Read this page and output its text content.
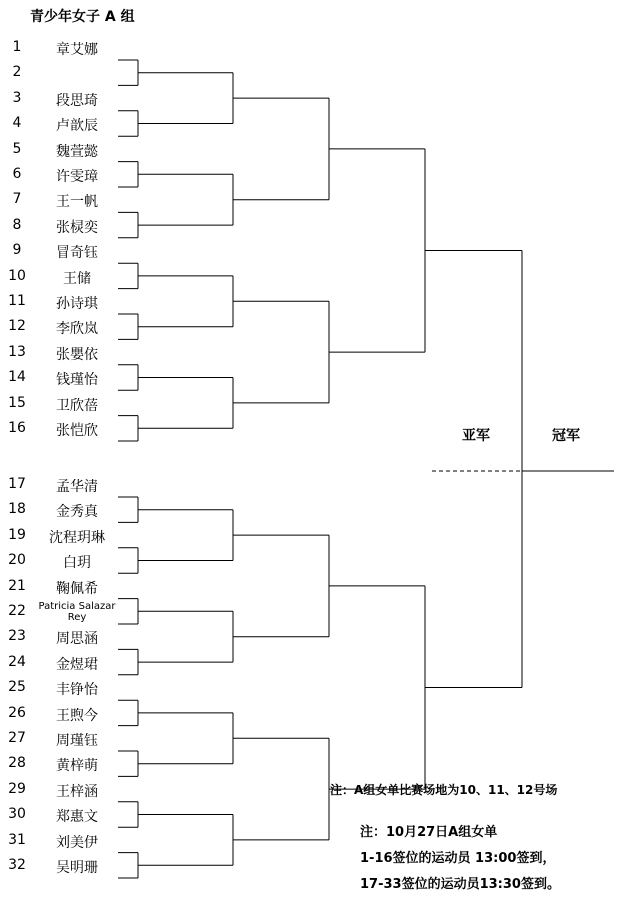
青少年女子 A 组
1	章艾娜
2
3	段思琦
4	卢歆辰
5	魏萱懿
6	许雯璋
7	王一帆
8	张棂奕
9	冒奇钰
10	王储
11	孙诗琪
12	李欣岚
13	张嬰依
14	钱瑾怡
15	卫欣蓓
16	张恺欣
17	孟华清
18	金秀真
19	沈程玥琳
20	白玥
21	鞠佩希
22 Patricia Salazar Rey
23	周思涵
24	金煜珺
25	丰铮怡
26	王煦今
27	周瑾钰
28	黄梓萌
29	王梓涵
30	郑惠文
31	刘美伊
32	吴明珊
亚军	冠军
注：A组女单比赛场地为10、11、12号场
注：10月27日A组女单
1-16签位的运动员 13:00签到，
17-33签位的运动员13:30签到。
